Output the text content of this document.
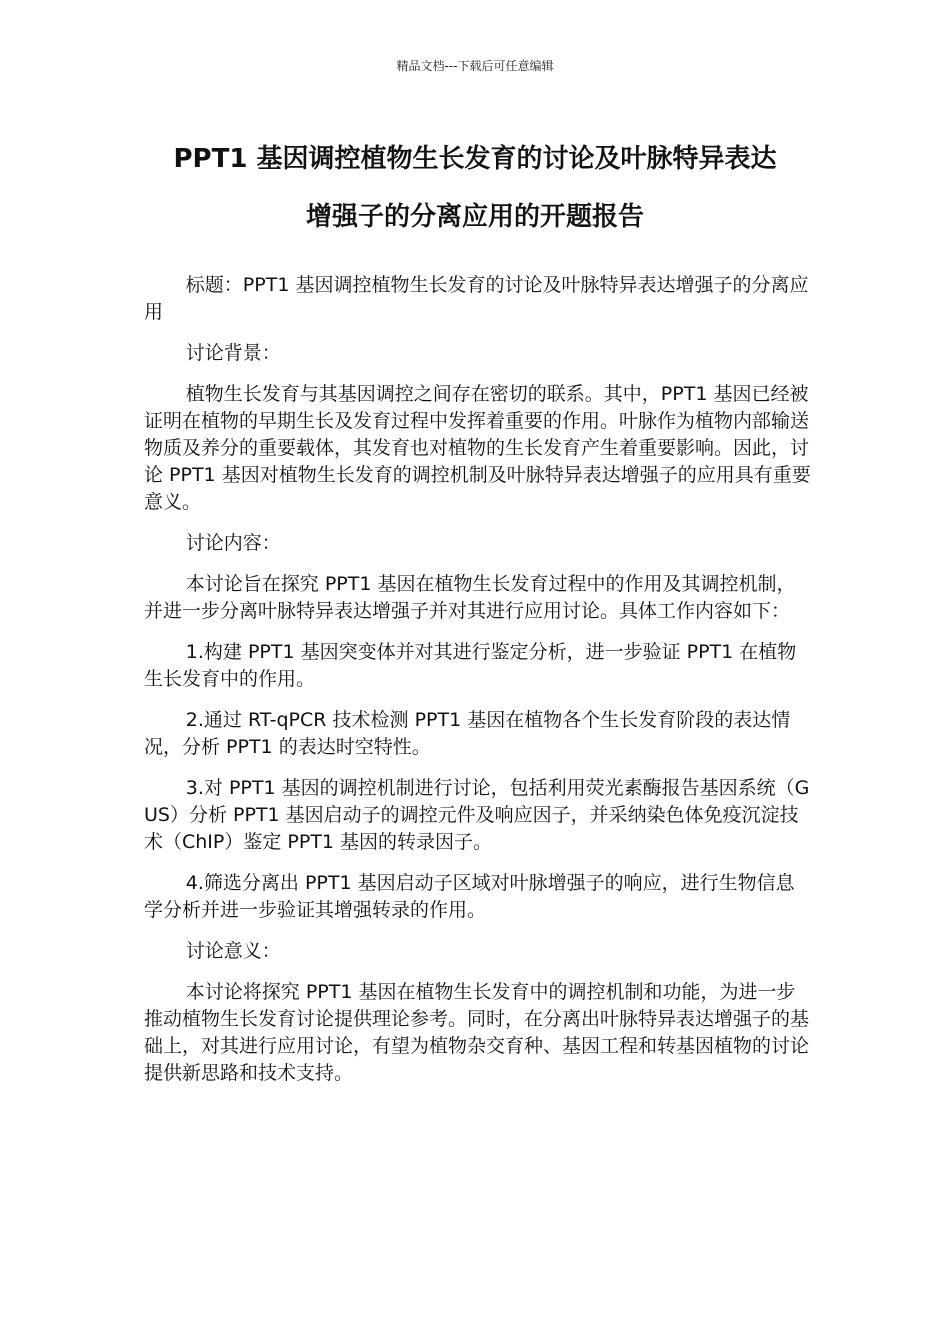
精品文档---下载后可任意编辑
PPT1 基因调控植物生长发育的讨论及叶脉特异表达
增强子的分离应用的开题报告

标题：PPT1 基因调控植物生长发育的讨论及叶脉特异表达增强子的分离应用

讨论背景：

植物生长发育与其基因调控之间存在密切的联系。其中，PPT1 基因已经被证明在植物的早期生长及发育过程中发挥着重要的作用。叶脉作为植物内部输送物质及养分的重要载体，其发育也对植物的生长发育产生着重要影响。因此，讨论 PPT1 基因对植物生长发育的调控机制及叶脉特异表达增强子的应用具有重要意义。

讨论内容：

本讨论旨在探究 PPT1 基因在植物生长发育过程中的作用及其调控机制，并进一步分离叶脉特异表达增强子并对其进行应用讨论。具体工作内容如下：

1.构建 PPT1 基因突变体并对其进行鉴定分析，进一步验证 PPT1 在植物生长发育中的作用。

2.通过 RT-qPCR 技术检测 PPT1 基因在植物各个生长发育阶段的表达情况，分析 PPT1 的表达时空特性。

3.对 PPT1 基因的调控机制进行讨论，包括利用荧光素酶报告基因系统（GUS）分析 PPT1 基因启动子的调控元件及响应因子，并采纳染色体免疫沉淀技术（ChIP）鉴定 PPT1 基因的转录因子。

4.筛选分离出 PPT1 基因启动子区域对叶脉增强子的响应，进行生物信息学分析并进一步验证其增强转录的作用。

讨论意义：

本讨论将探究 PPT1 基因在植物生长发育中的调控机制和功能，为进一步推动植物生长发育讨论提供理论参考。同时，在分离出叶脉特异表达增强子的基础上，对其进行应用讨论，有望为植物杂交育种、基因工程和转基因植物的讨论提供新思路和技术支持。
